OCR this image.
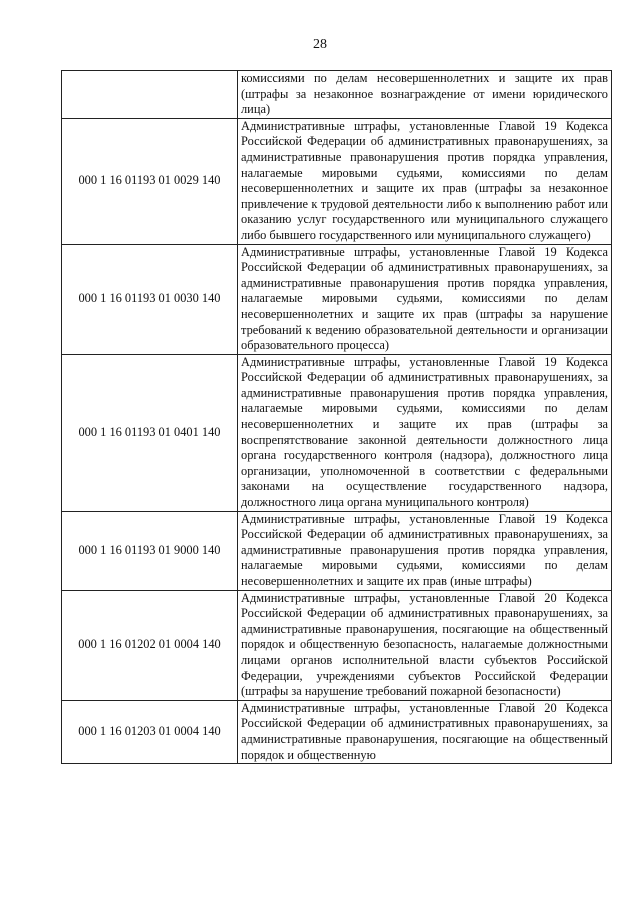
28
	комиссиями по делам несовершеннолетних и защите их прав (штрафы за незаконное вознаграждение от имени юридического лица)
000 1 16 01193 01 0029 140	Административные штрафы, установленные Главой 19 Кодекса Российской Федерации об административных правонарушениях, за административные правонарушения против порядка управления, налагаемые мировыми судьями, комиссиями по делам несовершеннолетних и защите их прав (штрафы за незаконное привлечение к трудовой деятельности либо к выполнению работ или оказанию услуг государственного или муниципального служащего либо бывшего государственного или муниципального служащего)
000 1 16 01193 01 0030 140	Административные штрафы, установленные Главой 19 Кодекса Российской Федерации об административных правонарушениях, за административные правонарушения против порядка управления, налагаемые мировыми судьями, комиссиями по делам несовершеннолетних и защите их прав (штрафы за нарушение требований к ведению образовательной деятельности и организации образовательного процесса)
000 1 16 01193 01 0401 140	Административные штрафы, установленные Главой 19 Кодекса Российской Федерации об административных правонарушениях, за административные правонарушения против порядка управления, налагаемые мировыми судьями, комиссиями по делам несовершеннолетних и защите их прав (штрафы за воспрепятствование законной деятельности должностного лица органа государственного контроля (надзора), должностного лица организации, уполномоченной в соответствии с федеральными законами на осуществление государственного надзора, должностного лица органа муниципального контроля)
000 1 16 01193 01 9000 140	Административные штрафы, установленные Главой 19 Кодекса Российской Федерации об административных правонарушениях, за административные правонарушения против порядка управления, налагаемые мировыми судьями, комиссиями по делам несовершеннолетних и защите их прав (иные штрафы)
000 1 16 01202 01 0004 140	Административные штрафы, установленные Главой 20 Кодекса Российской Федерации об административных правонарушениях, за административные правонарушения, посягающие на общественный порядок и общественную безопасность, налагаемые должностными лицами органов исполнительной власти субъектов Российской Федерации, учреждениями субъектов Российской Федерации (штрафы за нарушение требований пожарной безопасности)
000 1 16 01203 01 0004 140	Административные штрафы, установленные Главой 20 Кодекса Российской Федерации об административных правонарушениях, за административные правонарушения, посягающие на общественный порядок и общественную
